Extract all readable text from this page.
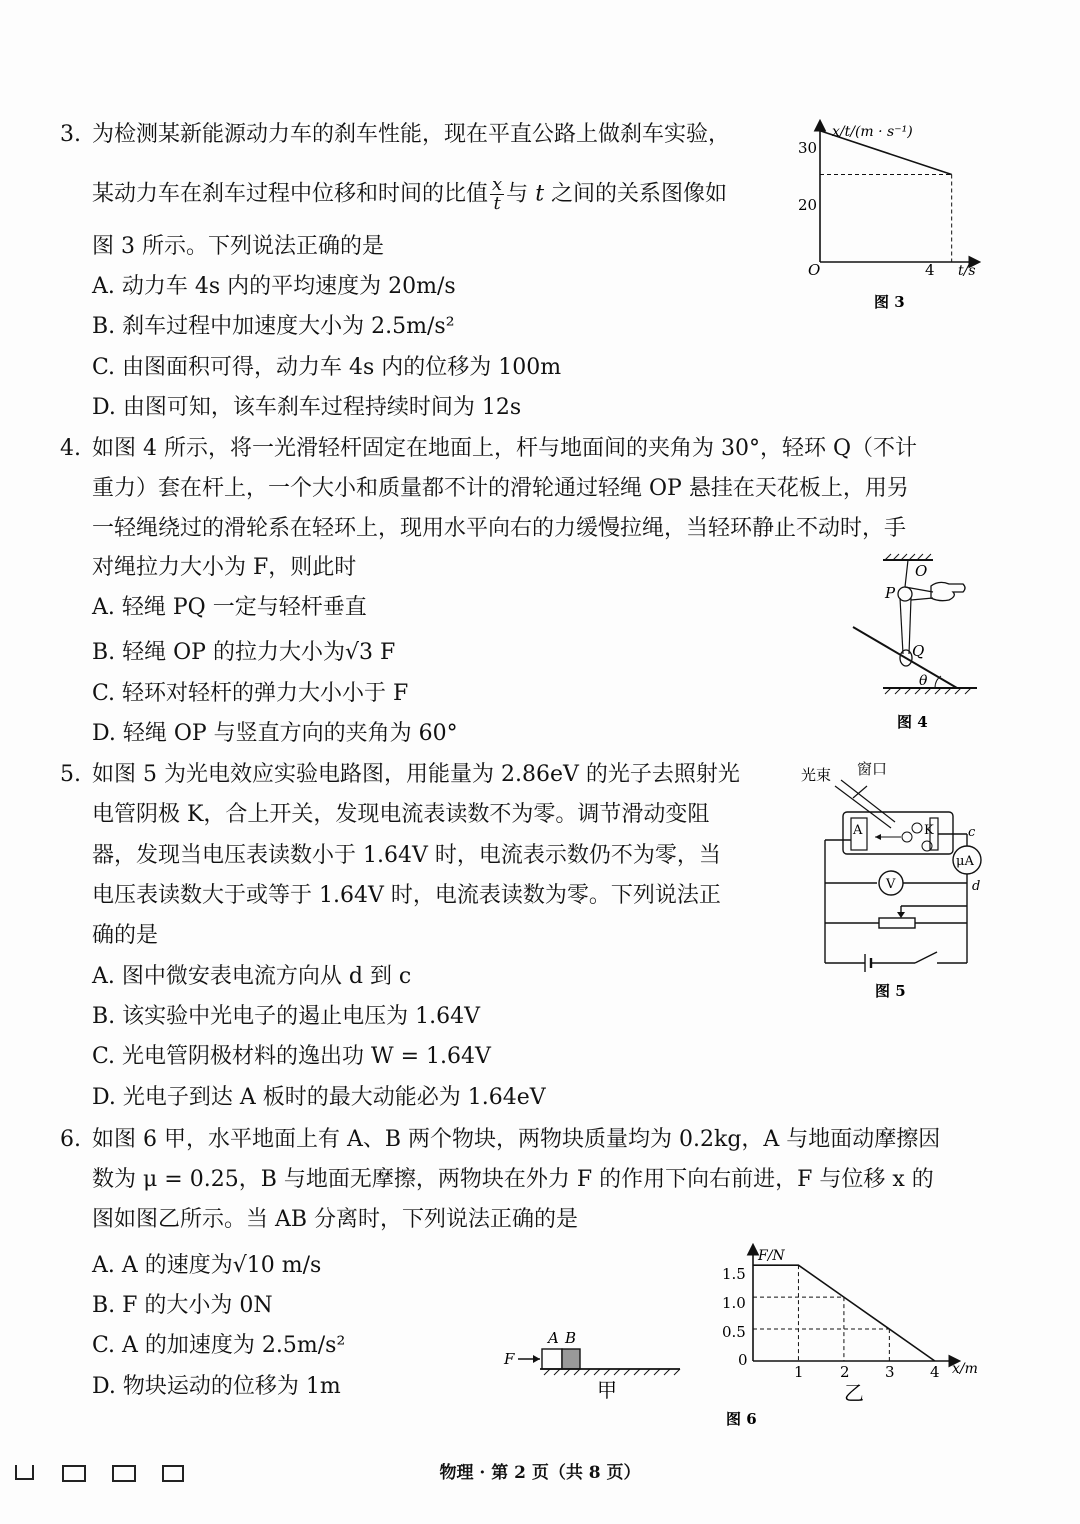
3. 为检测某新能源动力车的刹车性能，现在平直公路上做刹车实验，
某动力车在刹车过程中位移和时间的比值 $\frac{x}{t}$ 与 t 之间的关系图像如
图 3 所示。下列说法正确的是
A. 动力车 4s 内的平均速度为 20m/s
B. 刹车过程中加速度大小为 2.5m/s²
C. 由图面积可得，动力车 4s 内的位移为 100m
D. 由图可知，该车刹车过程持续时间为 12s
x/t/(m · s⁻¹)
30
20
O	4 t/s
图 3
4. 如图 4 所示，将一光滑轻杆固定在地面上，杆与地面间的夹角为 30°，轻环 Q（不计
重力）套在杆上，一个大小和质量都不计的滑轮通过轻绳 OP 悬挂在天花板上，用另
一轻绳绕过的滑轮系在轻环上，现用水平向右的力缓慢拉绳，当轻环静止不动时，手
对绳拉力大小为 F，则此时
A. 轻绳 PQ 一定与轻杆垂直
B. 轻绳 OP 的拉力大小为√3 F
C. 轻环对轻杆的弹力大小小于 F
D. 轻绳 OP 与竖直方向的夹角为 60°
O
P
Q
θ
图 4
5. 如图 5 为光电效应实验电路图，用能量为 2.86eV 的光子去照射光
电管阴极 K，合上开关，发现电流表读数不为零。调节滑动变阻
器，发现当电压表读数小于 1.64V 时，电流表示数仍不为零，当
电压表读数大于或等于 1.64V 时，电流表读数为零。下列说法正
确的是
A. 图中微安表电流方向从 d 到 c
B. 该实验中光电子的遏止电压为 1.64V
C. 光电管阴极材料的逸出功 W = 1.64V
D. 光电子到达 A 板时的最大动能必为 1.64eV
光束 窗口
A	K	c
μA
V	d
图 5
6. 如图 6 甲，水平地面上有 A、B 两个物块，两物块质量均为 0.2kg，A 与地面动摩擦因
数为 μ = 0.25，B 与地面无摩擦，两物块在外力 F 的作用下向右前进，F 与位移 x 的
图如图乙所示。当 AB 分离时，下列说法正确的是
A. A 的速度为√10 m/s
B. F 的大小为 0N
C. A 的加速度为 2.5m/s²
D. 物块运动的位移为 1m
F
A B
甲
F/N
1.5
1.0
0.5
0
1 2 3 4 x/m
乙
图 6
物理 · 第 2 页（共 8 页）
